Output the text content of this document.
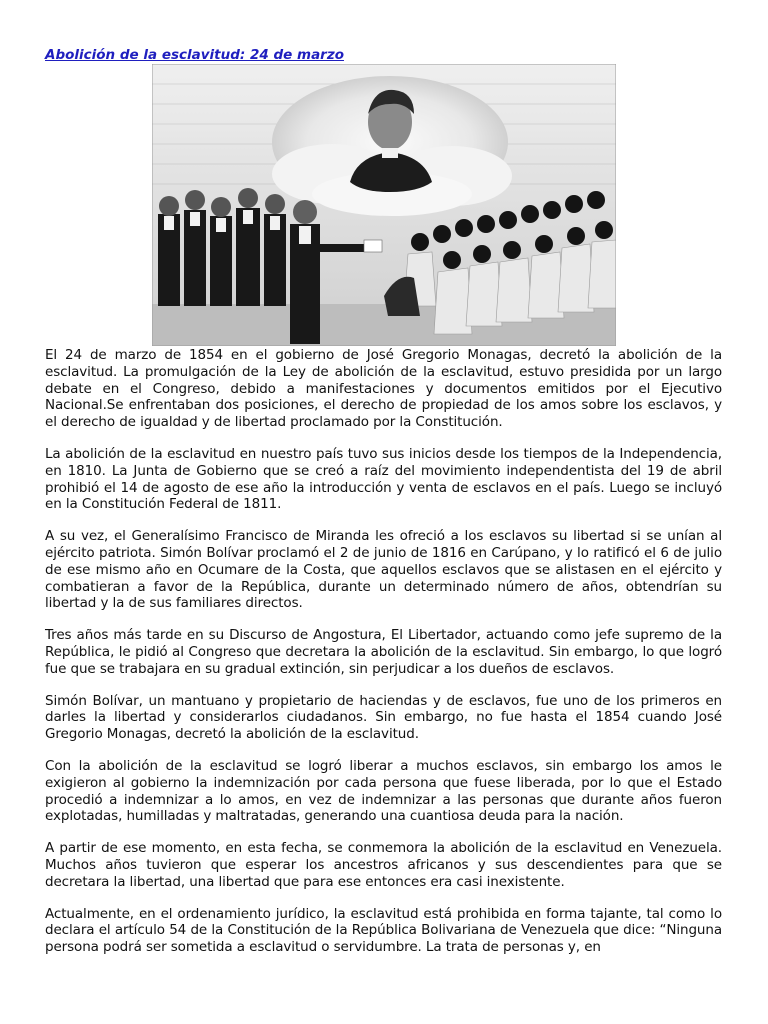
Abolición de la esclavitud: 24 de marzo

El 24 de marzo de 1854 en el gobierno de José Gregorio Monagas, decretó la abolición de la esclavitud. La promulgación de la Ley de abolición de la esclavitud, estuvo presidida por un largo debate en el Congreso, debido a manifestaciones y documentos emitidos por el Ejecutivo Nacional.Se enfrentaban dos posiciones, el derecho de propiedad de los amos sobre los esclavos, y el derecho de igualdad y de libertad proclamado por la Constitución.

La abolición de la esclavitud en nuestro país tuvo sus inicios desde los tiempos de la Independencia, en 1810. La Junta de Gobierno que se creó a raíz del movimiento independentista del 19 de abril prohibió el 14 de agosto de ese año la introducción y venta de esclavos en el país. Luego se incluyó en la Constitución Federal de 1811.

A su vez, el Generalísimo Francisco de Miranda les ofreció a los esclavos su libertad si se unían al ejército patriota. Simón Bolívar proclamó el 2 de junio de 1816 en Carúpano, y lo ratificó el 6 de julio de ese mismo año en Ocumare de la Costa, que aquellos esclavos que se alistasen en el ejército y combatieran a favor de la República, durante un determinado número de años, obtendrían su libertad y la de sus familiares directos.

Tres años más tarde en su Discurso de Angostura, El Libertador, actuando como jefe supremo de la República, le pidió al Congreso que decretara la abolición de la esclavitud. Sin embargo, lo que logró fue que se trabajara en su gradual extinción, sin perjudicar a los dueños de esclavos.

Simón Bolívar, un mantuano y propietario de haciendas y de esclavos, fue uno de los primeros en darles la libertad y considerarlos ciudadanos. Sin embargo, no fue hasta el 1854 cuando José Gregorio Monagas, decretó la abolición de la esclavitud.

Con la abolición de la esclavitud se logró liberar a muchos esclavos, sin embargo los amos le exigieron al gobierno la indemnización por cada persona que fuese liberada, por lo que el Estado procedió a indemnizar a lo amos, en vez de indemnizar a las personas que durante años fueron explotadas, humilladas y maltratadas, generando una cuantiosa deuda para la nación.

A partir de ese momento, en esta fecha, se conmemora la abolición de la esclavitud en Venezuela. Muchos años tuvieron que esperar los ancestros africanos y sus descendientes para que se decretara la libertad, una libertad que para ese entonces era casi inexistente.

Actualmente, en el ordenamiento jurídico, la esclavitud está prohibida en forma tajante, tal como lo declara el artículo 54 de la Constitución de la República Bolivariana de Venezuela que dice: “Ninguna persona podrá ser sometida a esclavitud o servidumbre. La trata de personas y, en
